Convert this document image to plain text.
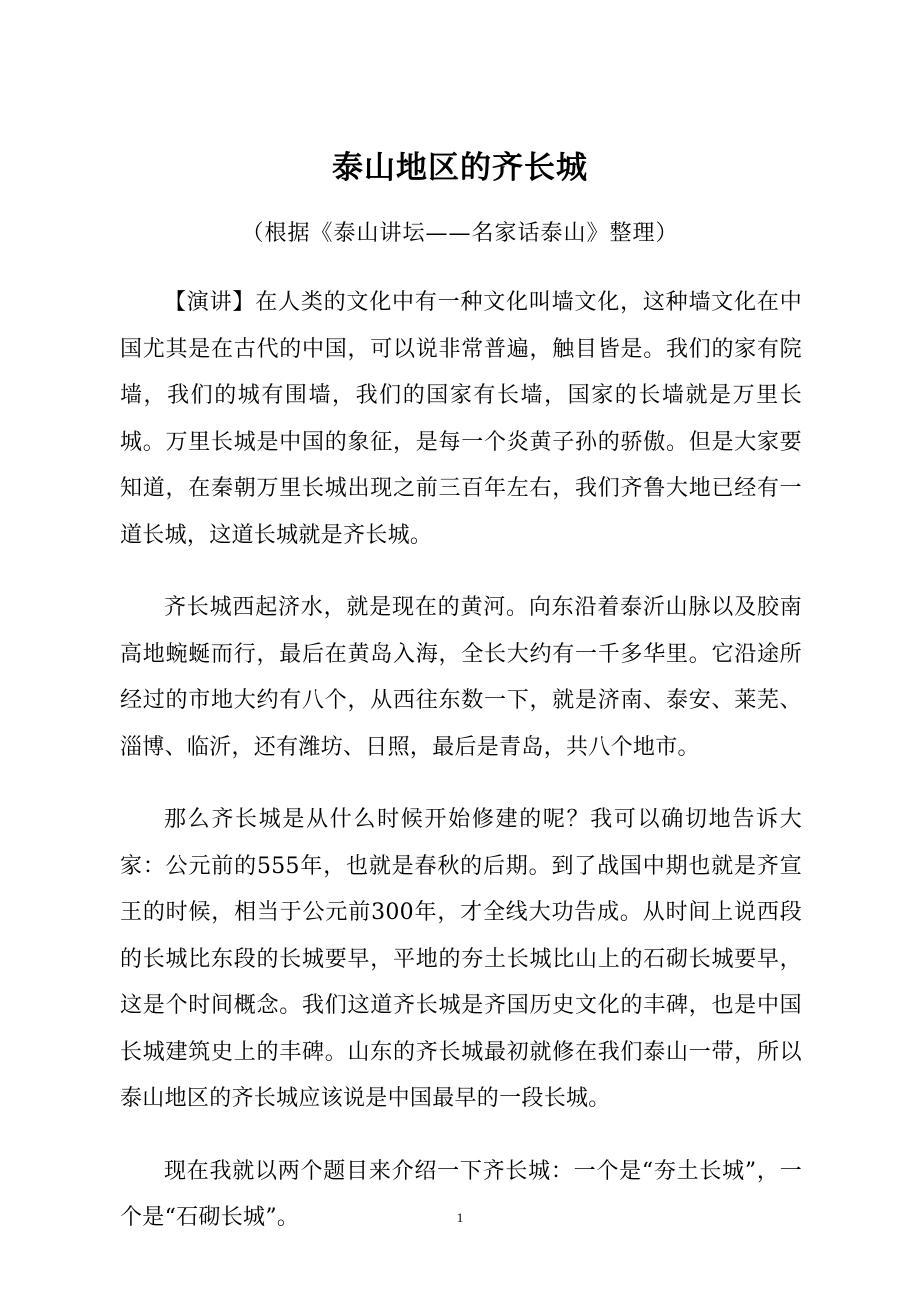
泰山地区的齐长城

（根据《泰山讲坛——名家话泰山》整理）

【演讲】在人类的文化中有一种文化叫墙文化，这种墙文化在中国尤其是在古代的中国，可以说非常普遍，触目皆是。我们的家有院墙，我们的城有围墙，我们的国家有长墙，国家的长墙就是万里长城。万里长城是中国的象征，是每一个炎黄子孙的骄傲。但是大家要知道，在秦朝万里长城出现之前三百年左右，我们齐鲁大地已经有一道长城，这道长城就是齐长城。

齐长城西起济水，就是现在的黄河。向东沿着泰沂山脉以及胶南高地蜿蜒而行，最后在黄岛入海，全长大约有一千多华里。它沿途所经过的市地大约有八个，从西往东数一下，就是济南、泰安、莱芜、淄博、临沂，还有潍坊、日照，最后是青岛，共八个地市。

那么齐长城是从什么时候开始修建的呢？我可以确切地告诉大家：公元前的555年，也就是春秋的后期。到了战国中期也就是齐宣王的时候，相当于公元前300年，才全线大功告成。从时间上说西段的长城比东段的长城要早，平地的夯土长城比山上的石砌长城要早，这是个时间概念。我们这道齐长城是齐国历史文化的丰碑，也是中国长城建筑史上的丰碑。山东的齐长城最初就修在我们泰山一带，所以泰山地区的齐长城应该说是中国最早的一段长城。

现在我就以两个题目来介绍一下齐长城：一个是“夯土长城”，一个是“石砌长城”。	1
